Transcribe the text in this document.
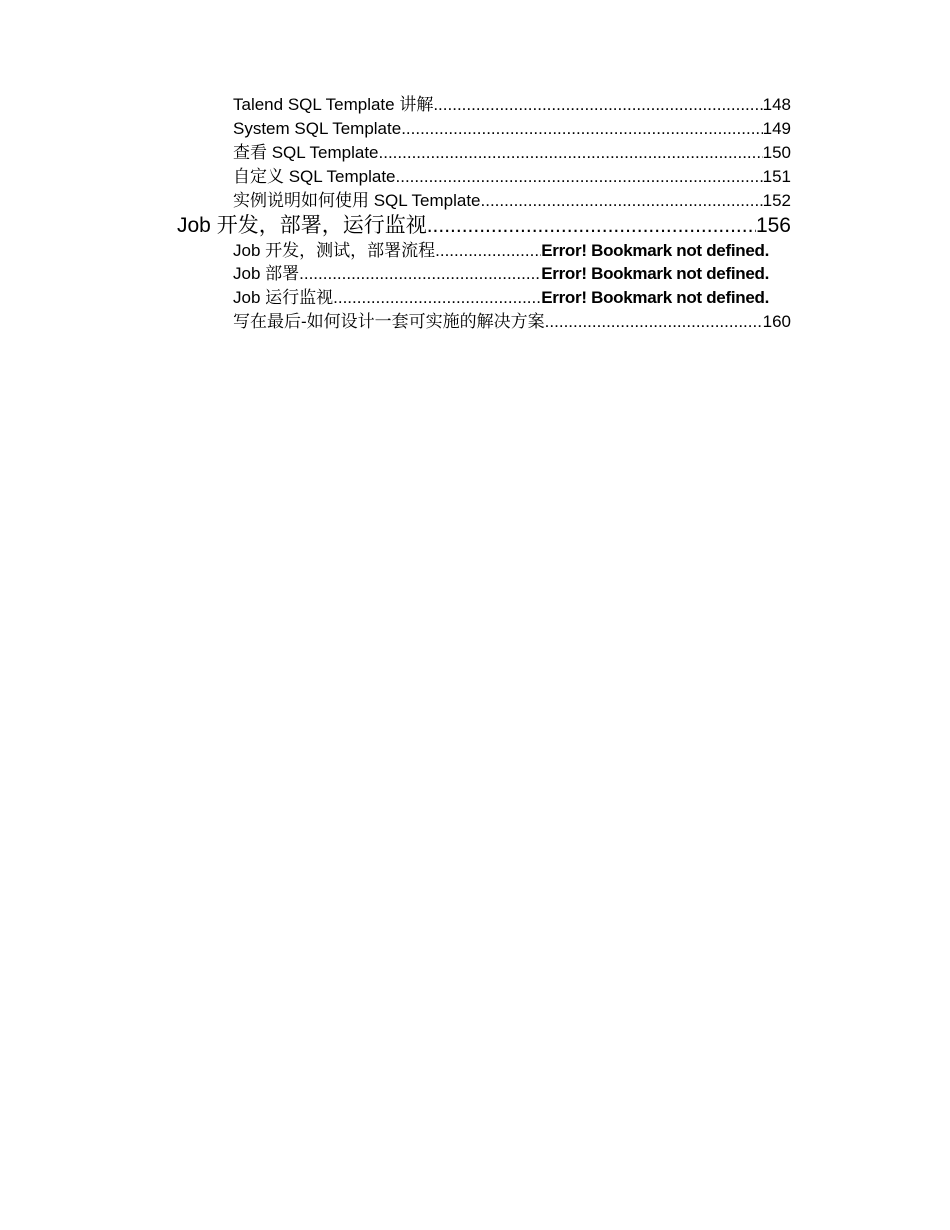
Talend SQL Template 讲解 .....	148
System SQL Template .....	149
查看 SQL Template .....	150
自定义 SQL Template .....	151
实例说明如何使用 SQL Template .....	152
Job 开发，部署，运行监视 .....	156
Job 开发，测试，部署流程 .....	Error! Bookmark not defined.
Job 部署 .....	Error! Bookmark not defined.
Job 运行监视 .....	Error! Bookmark not defined.
写在最后-如何设计一套可实施的解决方案 .....	160
